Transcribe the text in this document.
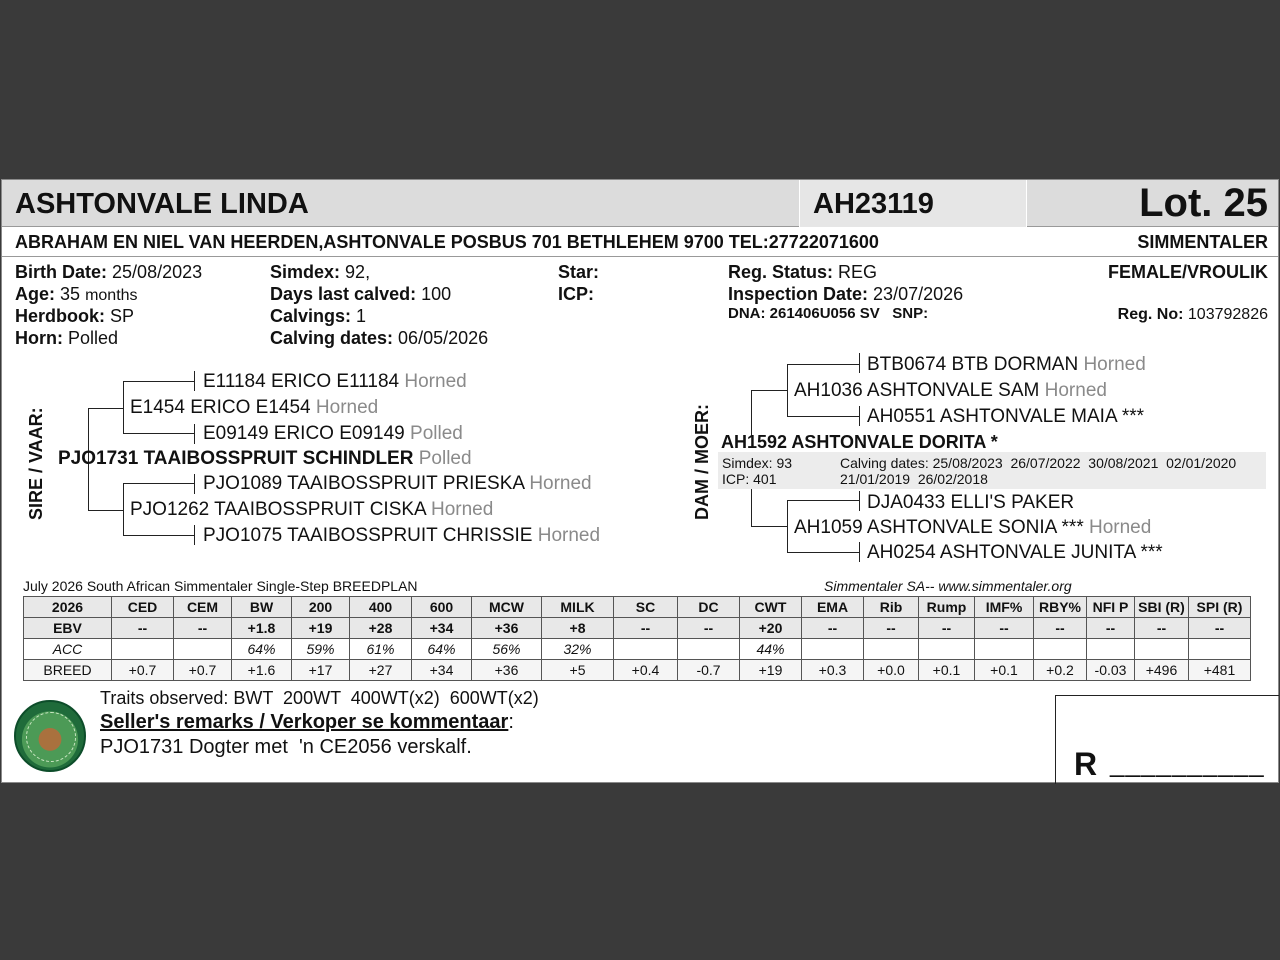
ASHTONVALE LINDA	AH23119	Lot. 25
ABRAHAM EN NIEL VAN HEERDEN,ASHTONVALE POSBUS 701 BETHLEHEM 9700 TEL:27722071600	SIMMENTALER
Birth Date: 25/08/2023
Age: 35 months
Herdbook: SP
Horn: Polled
Simdex: 92,
Days last calved: 100
Calvings: 1
Calving dates: 06/05/2026
Star:
ICP:
Reg. Status: REG
Inspection Date: 23/07/2026
DNA: 261406U056 SV   SNP:
FEMALE/VROULIK
Reg. No: 103792826
SIRE / VAAR:
E11184 ERICO E11184 Horned
E1454 ERICO E1454 Horned
E09149 ERICO E09149 Polled
PJO1731 TAAIBOSSPRUIT SCHINDLER Polled
PJO1089 TAAIBOSSPRUIT PRIESKA Horned
PJO1262 TAAIBOSSPRUIT CISKA Horned
PJO1075 TAAIBOSSPRUIT CHRISSIE Horned
DAM / MOER:
BTB0674 BTB DORMAN Horned
AH1036 ASHTONVALE SAM Horned
AH0551 ASHTONVALE MAIA ***
AH1592 ASHTONVALE DORITA *
Simdex: 93
ICP: 401
Calving dates: 25/08/2023  26/07/2022  30/08/2021  02/01/2020
21/01/2019  26/02/2018
DJA0433 ELLI'S PAKER
AH1059 ASHTONVALE SONIA *** Horned
AH0254 ASHTONVALE JUNITA ***
July 2026 South African Simmentaler Single-Step BREEDPLAN	Simmentaler SA-- www.simmentaler.org
2026	CED	CEM	BW	200	400	600	MCW	MILK	SC	DC	CWT	EMA	Rib	Rump	IMF%	RBY%	NFI P	SBI (R)	SPI (R)
EBV	--	--	+1.8	+19	+28	+34	+36	+8	--	--	+20	--	--	--	--	--	--	--	--
ACC			64%	59%	61%	64%	56%	32%			44%								
BREED	+0.7	+0.7	+1.6	+17	+27	+34	+36	+5	+0.4	-0.7	+19	+0.3	+0.0	+0.1	+0.1	+0.2	-0.03	+496	+481
Traits observed: BWT  200WT  400WT(x2)  600WT(x2)
Seller's remarks / Verkoper se kommentaar:
PJO1731 Dogter met  'n CE2056 verskalf.	R __________
